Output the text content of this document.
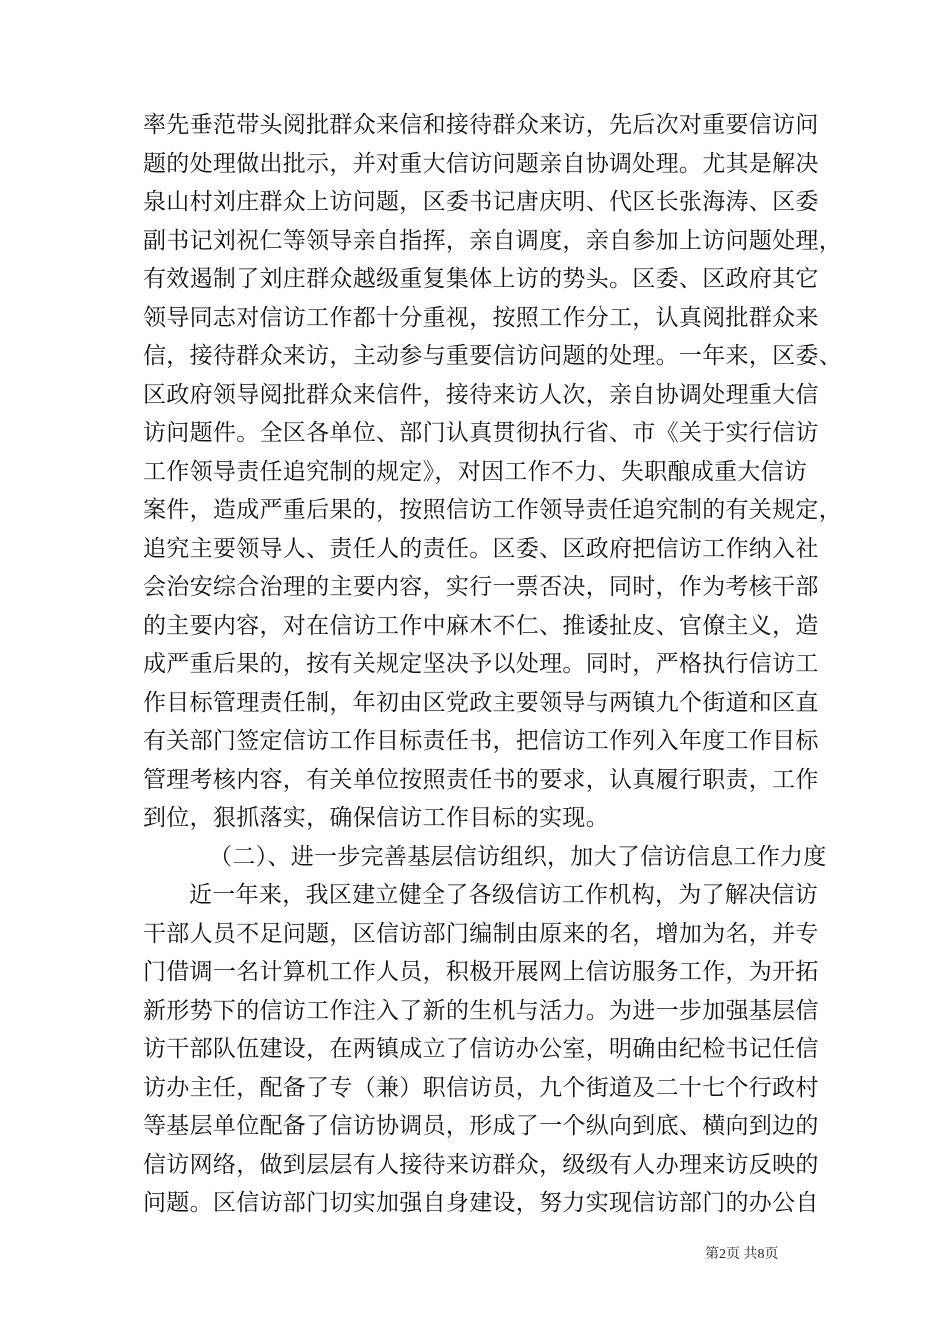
率先垂范带头阅批群众来信和接待群众来访，先后次对重要信访问
题的处理做出批示，并对重大信访问题亲自协调处理。尤其是解决
泉山村刘庄群众上访问题，区委书记唐庆明、代区长张海涛、区委
副书记刘祝仁等领导亲自指挥，亲自调度，亲自参加上访问题处理，
有效遏制了刘庄群众越级重复集体上访的势头。区委、区政府其它
领导同志对信访工作都十分重视，按照工作分工，认真阅批群众来
信，接待群众来访，主动参与重要信访问题的处理。一年来，区委、
区政府领导阅批群众来信件，接待来访人次，亲自协调处理重大信
访问题件。全区各单位、部门认真贯彻执行省、市《关于实行信访
工作领导责任追究制的规定》，对因工作不力、失职酿成重大信访
案件，造成严重后果的，按照信访工作领导责任追究制的有关规定，
追究主要领导人、责任人的责任。区委、区政府把信访工作纳入社
会治安综合治理的主要内容，实行一票否决，同时，作为考核干部
的主要内容，对在信访工作中麻木不仁、推诿扯皮、官僚主义，造
成严重后果的，按有关规定坚决予以处理。同时，严格执行信访工
作目标管理责任制，年初由区党政主要领导与两镇九个街道和区直
有关部门签定信访工作目标责任书，把信访工作列入年度工作目标
管理考核内容，有关单位按照责任书的要求，认真履行职责，工作
到位，狠抓落实，确保信访工作目标的实现。
（二）、进一步完善基层信访组织，加大了信访信息工作力度
近一年来，我区建立健全了各级信访工作机构，为了解决信访
干部人员不足问题，区信访部门编制由原来的名，增加为名，并专
门借调一名计算机工作人员，积极开展网上信访服务工作，为开拓
新形势下的信访工作注入了新的生机与活力。为进一步加强基层信
访干部队伍建设，在两镇成立了信访办公室，明确由纪检书记任信
访办主任，配备了专（兼）职信访员，九个街道及二十七个行政村
等基层单位配备了信访协调员，形成了一个纵向到底、横向到边的
信访网络，做到层层有人接待来访群众，级级有人办理来访反映的
问题。区信访部门切实加强自身建设，努力实现信访部门的办公自
第2页 共8页
